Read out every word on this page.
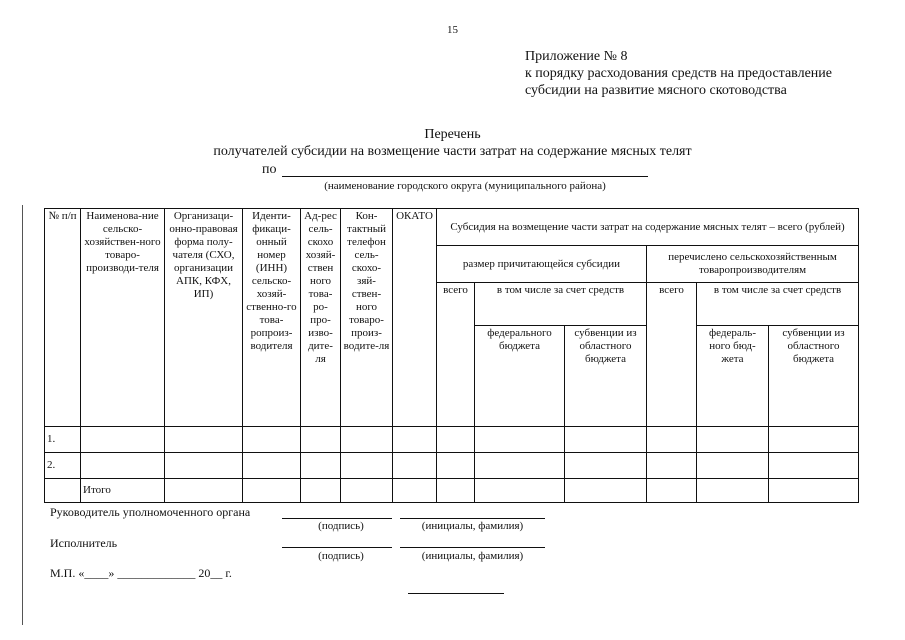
15
Приложение № 8
к порядку расходования средств на предоставление
субсидии на развитие мясного скотоводства
Перечень
получателей субсидии на возмещение части затрат на содержание мясных телят
по
(наименование городского округа (муниципального района)
№ п/п	Наименова-ние сельско-хозяйствен-ного товаро-производи-теля	Организаци-онно-правовая форма полу-чателя (СХО, организации АПК, КФХ, ИП)	Иденти-фикаци-онный номер (ИНН) сельско-хозяй-ственно-го това-ропроиз-водителя	Ад-рес сель-скохо хозяй-ствен ного това-ро-про-изво-дите-ля	Кон-тактный телефон сель-скохо-зяй-ствен-ного товаро-произ-водите-ля	ОКАТО	Субсидия на возмещение части затрат на содержание мясных телят – всего (рублей)					
							размер причитающейся субсидии			перечислено сельскохозяйственным товаропроизводителям		
							всего	в том числе за счет средств		всего	в том числе за счет средств	
								федерального бюджета	субвенции из областного бюджета		федераль-ного бюд-жета	субвенции из областного бюджета
1.												
2.												
	Итого											
Руководитель уполномоченного органа
(подпись)	(инициалы, фамилия)
Исполнитель
(подпись)	(инициалы, фамилия)
М.П. «____» _____________ 20__ г.
